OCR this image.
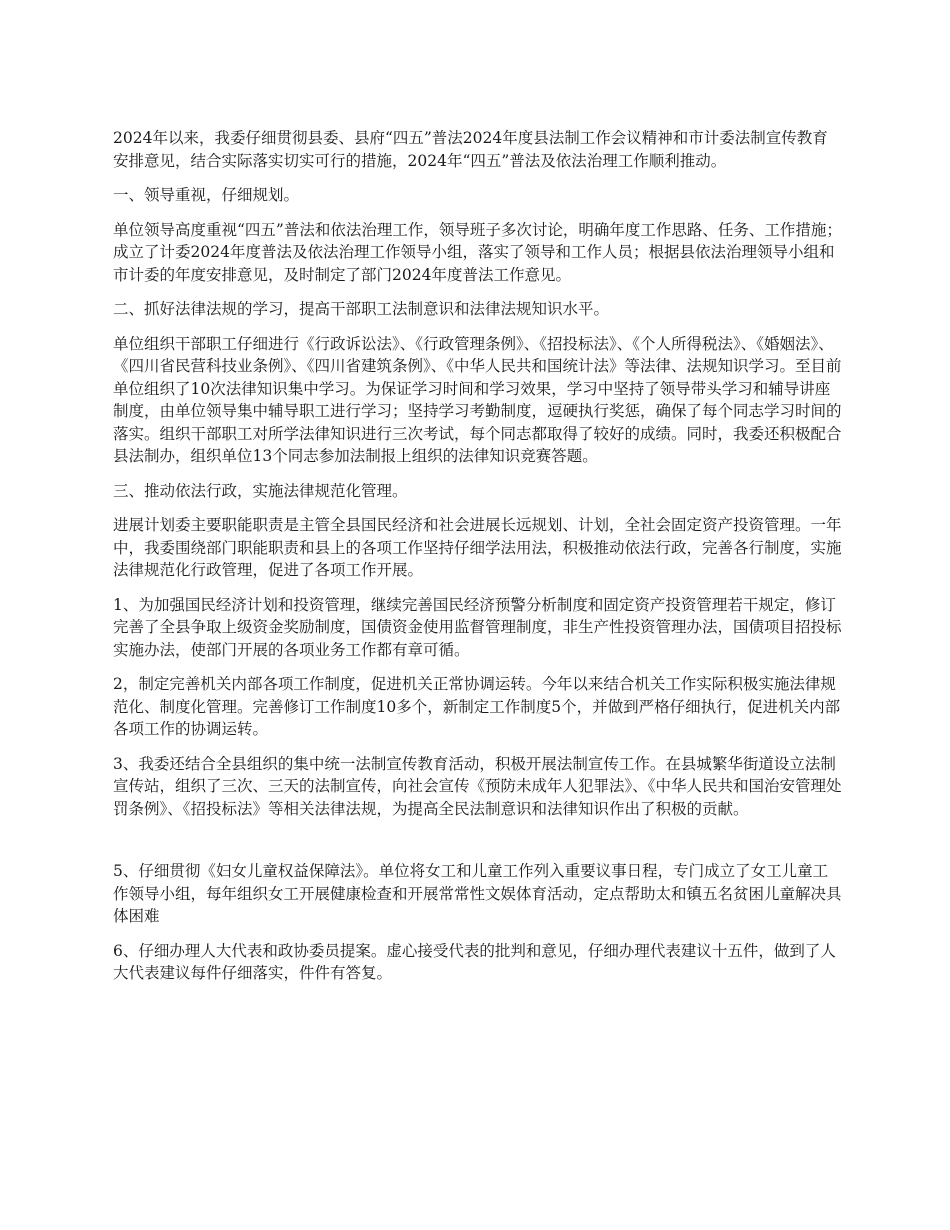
2024年以来，我委仔细贯彻县委、县府“四五”普法2024年度县法制工作会议精神和市计委法制宣传教育安排意见，结合实际落实切实可行的措施，2024年“四五”普法及依法治理工作顺利推动。

一、领导重视，仔细规划。

单位领导高度重视“四五”普法和依法治理工作，领导班子多次讨论，明确年度工作思路、任务、工作措施；成立了计委2024年度普法及依法治理工作领导小组，落实了领导和工作人员；根据县依法治理领导小组和市计委的年度安排意见，及时制定了部门2024年度普法工作意见。

二、抓好法律法规的学习，提高干部职工法制意识和法律法规知识水平。

单位组织干部职工仔细进行《行政诉讼法》、《行政管理条例》、《招投标法》、《个人所得税法》、《婚姻法》、《四川省民营科技业条例》、《四川省建筑条例》、《中华人民共和国统计法》等法律、法规知识学习。至目前单位组织了10次法律知识集中学习。为保证学习时间和学习效果，学习中坚持了领导带头学习和辅导讲座制度，由单位领导集中辅导职工进行学习；坚持学习考勤制度，逗硬执行奖惩，确保了每个同志学习时间的落实。组织干部职工对所学法律知识进行三次考试，每个同志都取得了较好的成绩。同时，我委还积极配合县法制办，组织单位13个同志参加法制报上组织的法律知识竞赛答题。

三、推动依法行政，实施法律规范化管理。

进展计划委主要职能职责是主管全县国民经济和社会进展长远规划、计划，全社会固定资产投资管理。一年中，我委围绕部门职能职责和县上的各项工作坚持仔细学法用法，积极推动依法行政，完善各行制度，实施法律规范化行政管理，促进了各项工作开展。

1、为加强国民经济计划和投资管理，继续完善国民经济预警分析制度和固定资产投资管理若干规定，修订完善了全县争取上级资金奖励制度，国债资金使用监督管理制度，非生产性投资管理办法，国债项目招投标实施办法，使部门开展的各项业务工作都有章可循。

2，制定完善机关内部各项工作制度，促进机关正常协调运转。今年以来结合机关工作实际积极实施法律规范化、制度化管理。完善修订工作制度10多个，新制定工作制度5个，并做到严格仔细执行，促进机关内部各项工作的协调运转。

3、我委还结合全县组织的集中统一法制宣传教育活动，积极开展法制宣传工作。在县城繁华街道设立法制宣传站，组织了三次、三天的法制宣传，向社会宣传《预防未成年人犯罪法》、《中华人民共和国治安管理处罚条例》、《招投标法》等相关法律法规，为提高全民法制意识和法律知识作出了积极的贡献。

5、仔细贯彻《妇女儿童权益保障法》。单位将女工和儿童工作列入重要议事日程，专门成立了女工儿童工作领导小组，每年组织女工开展健康检查和开展常常性文娱体育活动，定点帮助太和镇五名贫困儿童解决具体困难

6、仔细办理人大代表和政协委员提案。虚心接受代表的批判和意见，仔细办理代表建议十五件，做到了人大代表建议每件仔细落实，件件有答复。
